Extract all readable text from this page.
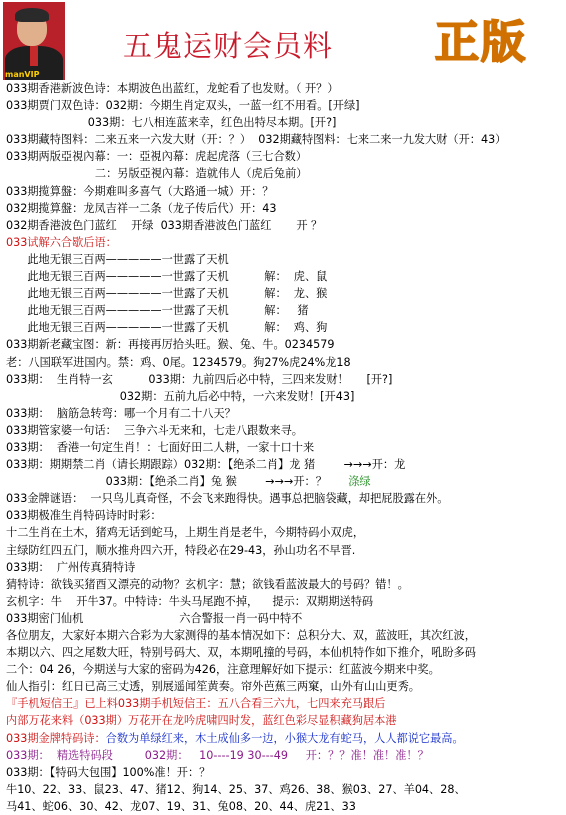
manVIP
五鬼运财会员料 正版
033期香港新波色诗：本期波色出蓝红，龙蛇看了也发财。（ 开？）
033期贾门双色诗：032期：今期生肖定双头，一蓝一红不用看。[开绿]
033期：七八相连蓝来幸，红色出特尽本期。[开?]
033期藏特图料：二来五来一六发大财（开：？）  032期藏特图料：七来二来一九发大财（开：43）
033期两版亞視內幕：一：亞視內幕：虎起虎落（三七合数）
二：另版亞視內幕：造就伟人（虎后兔前）
033期揽算盤：今期难叫多喜气（大路通一城）开：？
032期揽算盤：龙凤吉祥一二条（龙子传后代）开：43
032期香港波色门蓝红    开绿  033期香港波色门蓝红       开 ？
033试解六合歇后语：
此地无银三百两—————一世露了天机
此地无银三百两—————一世露了天机          解：  虎、鼠
此地无银三百两—————一世露了天机          解：  龙、猴
此地无银三百两—————一世露了天机          解：   猪
此地无银三百两—————一世露了天机          解：  鸡、狗
033期新老藏宝图：新：再接再厉拾头旺。猴、兔、牛。0234579
老：八国联军进国内。禁：鸡、0尾。1234579。狗27%虎24%龙18
033期：  生肖特一玄          033期：九前四后必中特，三四来发财！     [开?]
032期：五前九后必中特，一六来发财！[开43]
033期：  脑筋急转弯：哪一个月有二十八天？
033期管家婆一句话：  三争六斗无来和，七走八跟数来寻。
033期：  香港一句定生肖！：七面好田二人耕，一家十口十来
033期：期期禁二肖（请长期跟踪）032期：【绝杀二肖】龙 猪        →→→开：龙
033期：【绝杀二肖】兔 猴        →→→开：？      涤绿
033金牌谜语：  一只鸟儿真奇怪，不会飞来跑得快。遇事总把脑袋藏，却把屁股露在外。
033期极准生肖特码诗时时彩：
十二生肖在土木，猪鸡无话到蛇马，上期生肖是老牛，今期特码小双虎，
主绿防红四五门，顺水推舟四六开，特段必在29-43，孙山功名不早晋.
033期：  广州传真猜特诗
猜特诗：欲钱买猪酉又漂亮的动物？玄机字：慧；欲钱看蓝波最大的号码？错！。
玄机字：牛    开牛37。中特诗：牛头马尾跑不掉，    提示：双期期送特码
033期密门仙机                           六合警报一肖一码中特不
各位朋友，大家好本期六合彩为大家测得的基本情况如下：总积分大、双，蓝波旺，其次红波，
本期以六、四之尾数大旺，特别号码大、双，本期吼撞的号码，本仙机特作如下推介，吼盼多码
二个：04 26，今期送与大家的密码为426，注意理解好如下提示：红蓝波今期来中奖。
仙人指引：红日已高三丈透，别展遥闻笙黄奏。帘外芭蕉三两窠，山外有山山更秀。
『手机短信王』已上料033期手机短信王：五八合看三六九，七四来充马跟后
内部万花来料（033期）万花开在龙吟虎啸四时发，蓝红色彩尽显积藏狗居本港
033期金牌特码诗：合数为单绿红来，木土成仙多一边，小猴大龙有蛇马，人人都说它最高。
033期：  精选特码段         032期：   10----19 30---49     开：？？准！准！准！？
033期：【特码大包围】100%准！开：？
牛10、22、33、鼠23、47、猪12、狗14、25、37、鸡26、38、猴03、27、羊04、28、
马41、蛇06、30、42、龙07、19、31、兔08、20、44、虎21、33
